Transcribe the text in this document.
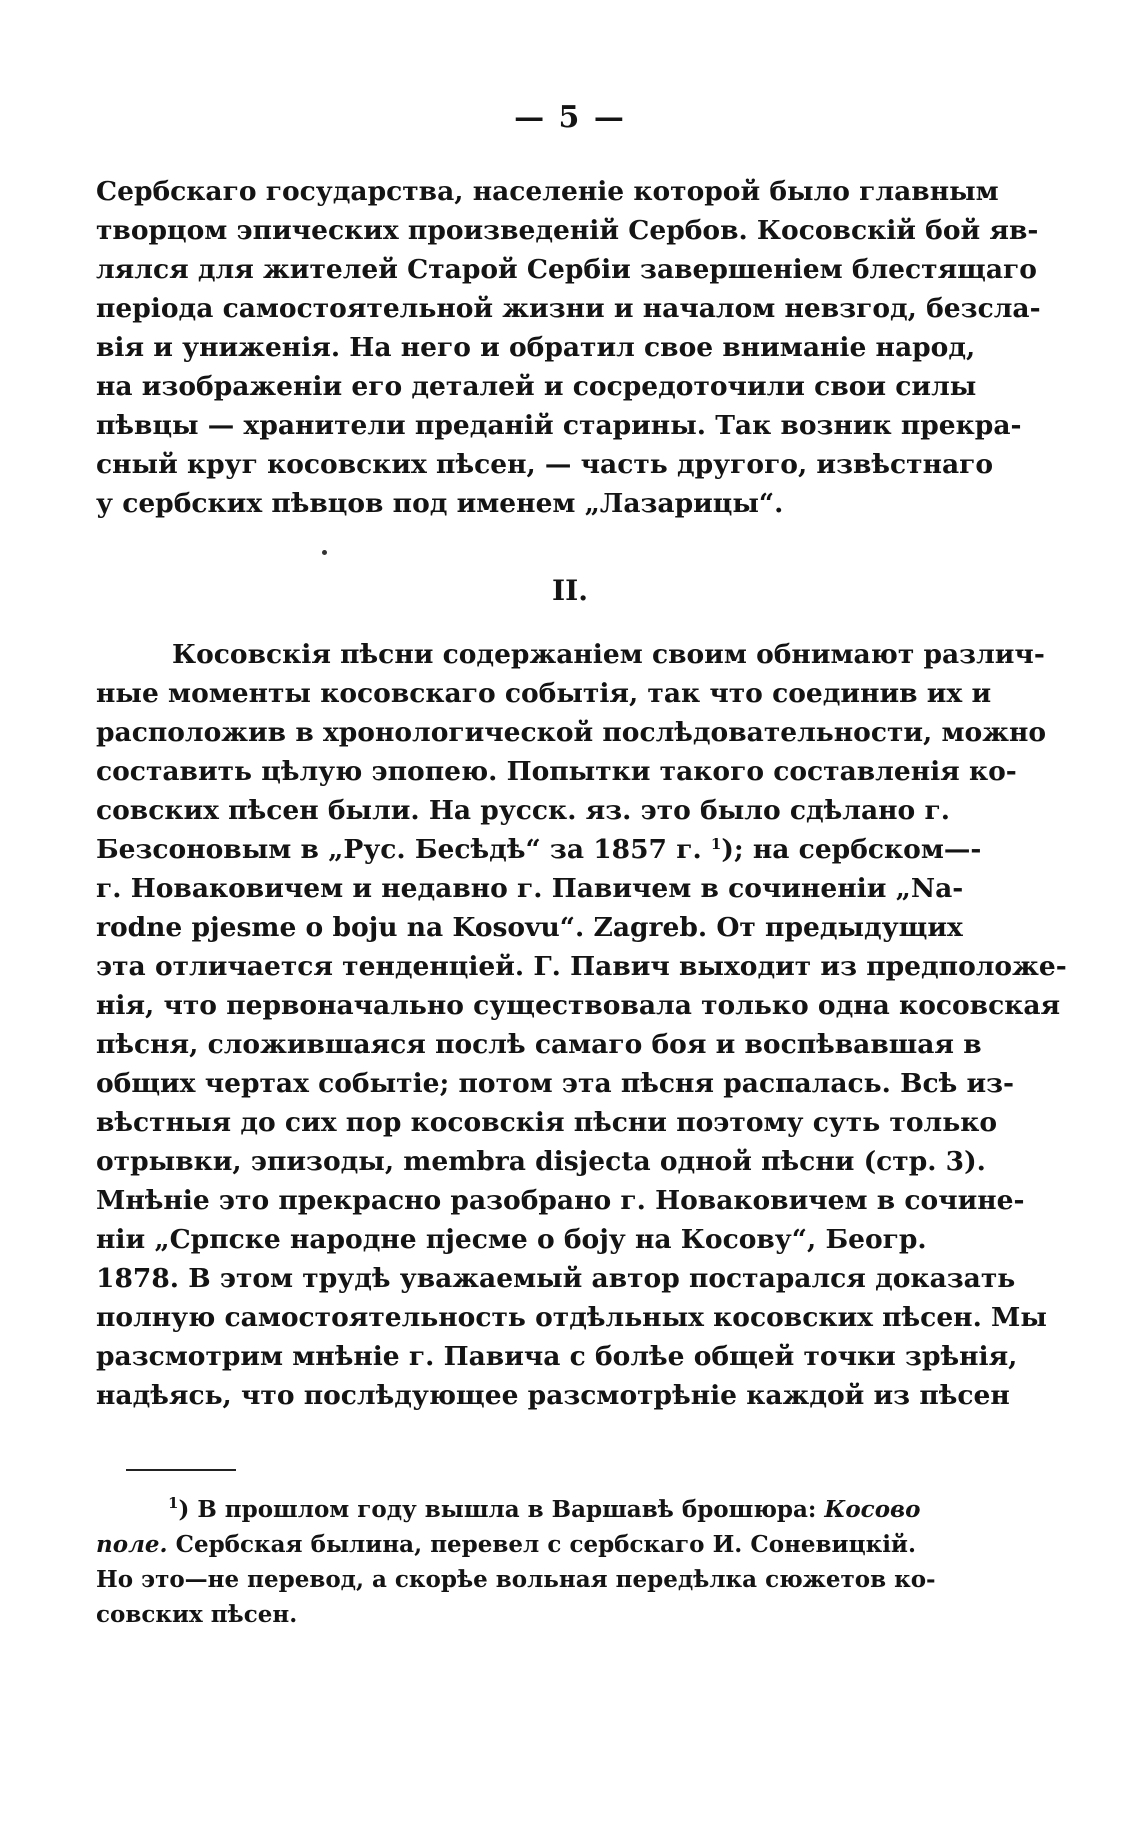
— 5 —
Сербскаго государства, населеніе которой было главным
творцом эпических произведеній Сербов. Косовскій бой яв-
лялся для жителей Старой Сербіи завершеніем блестящаго
періода самостоятельной жизни и началом невзгод, безсла-
вія и униженія. На него и обратил свое вниманіе народ,
на изображеніи его деталей и сосредоточили свои силы
пѣвцы — хранители преданій старины. Так возник прекра-
сный круг косовских пѣсен, — часть другого, извѣстнаго
у сербских пѣвцов под именем „Лазарицы“.
II.
Косовскія пѣсни содержаніем своим обнимают различ-
ные моменты косовскаго событія, так что соединив их и
расположив в хронологической послѣдовательности, можно
составить цѣлую эпопею. Попытки такого составленія ко-
совских пѣсен были. На русск. яз. это было сдѣлано г.
Безсоновым в „Рус. Бесѣдѣ“ за 1857 г. $^1$); на сербском—-
г. Новаковичем и недавно г. Павичем в сочиненіи „Na-
rodne pjesme o boju na Kosovu“. Zagreb. От предыдущих
эта отличается тенденціей. Г. Павич выходит из предположе-
нія, что первоначально существовала только одна косовская
пѣсня, сложившаяся послѣ самаго боя и воспѣвавшая в
общих чертах событіе; потом эта пѣсня распалась. Всѣ из-
вѣстныя до сих пор косовскія пѣсни поэтому суть только
отрывки, эпизоды, membra disjecta одной пѣсни (стр. 3).
Мнѣніе это прекрасно разобрано г. Новаковичем в сочине-
ніи „Српске народне пјесме о боју на Косову“, Беогр.
1878. В этом трудѣ уважаемый автор постарался доказать
полную самостоятельность отдѣльных косовских пѣсен. Мы
разсмотрим мнѣніе г. Павича с болѣе общей точки зрѣнія,
надѣясь, что послѣдующее разсмотрѣніе каждой из пѣсен
$^1$) В прошлом году вышла в Варшавѣ брошюра: Косово
поле. Сербская былина, перевел с сербскаго И. Соневицкій.
Но это—не перевод, а скорѣе вольная передѣлка сюжетов ко-
совских пѣсен.
